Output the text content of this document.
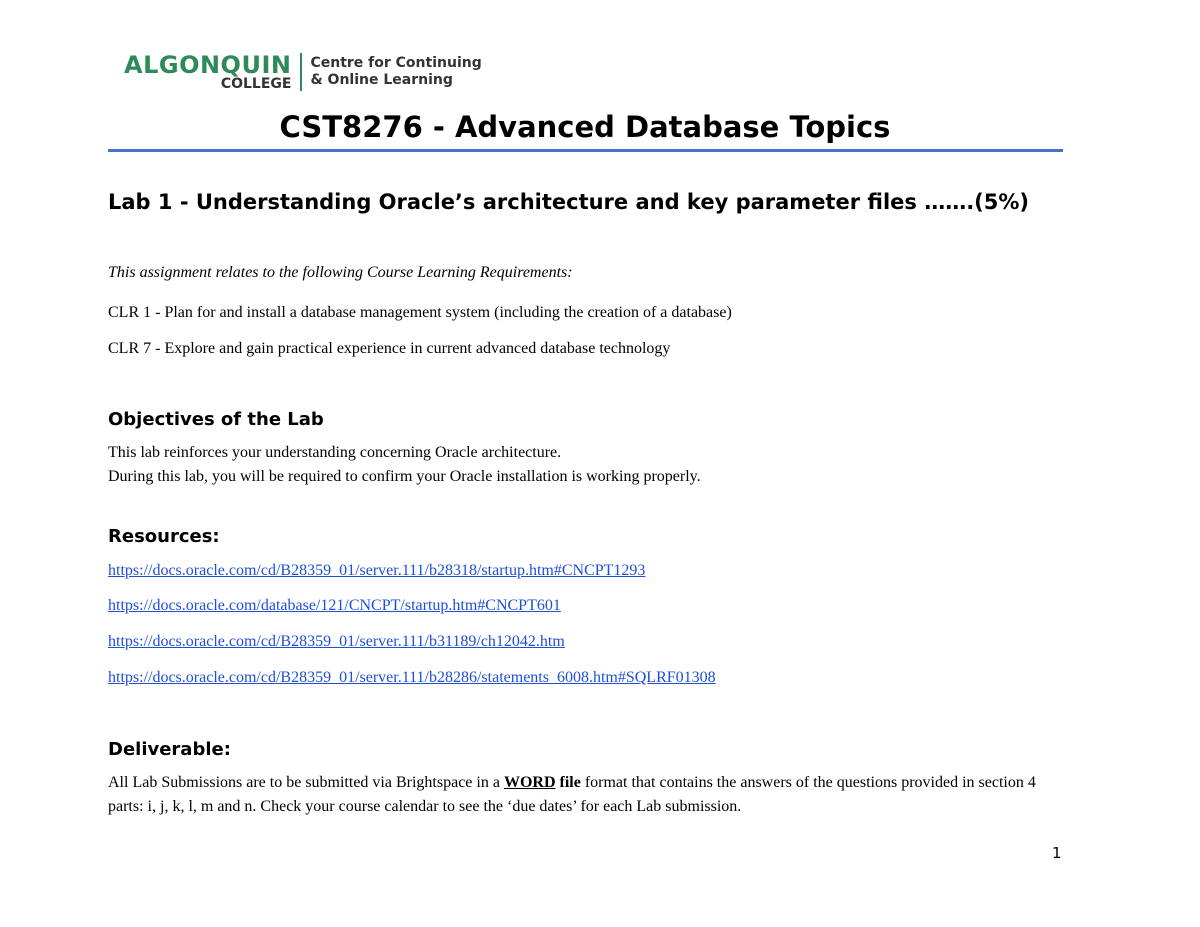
ALGONQUIN
COLLEGE
Centre for Continuing
& Online Learning
CST8276 - Advanced Database Topics
Lab 1 - Understanding Oracle’s architecture and key parameter files …….(5%)

This assignment relates to the following Course Learning Requirements:

CLR 1 - Plan for and install a database management system (including the creation of a database)

CLR 7 - Explore and gain practical experience in current advanced database technology

Objectives of the Lab

This lab reinforces your understanding concerning Oracle architecture.

During this lab, you will be required to confirm your Oracle installation is working properly.

Resources:
https://docs.oracle.com/cd/B28359_01/server.111/b28318/startup.htm#CNCPT1293
https://docs.oracle.com/database/121/CNCPT/startup.htm#CNCPT601
https://docs.oracle.com/cd/B28359_01/server.111/b31189/ch12042.htm
https://docs.oracle.com/cd/B28359_01/server.111/b28286/statements_6008.htm#SQLRF01308
Deliverable:

All Lab Submissions are to be submitted via Brightspace in a WORD file format that contains the answers of the questions provided in section 4 parts: i, j, k, l, m and n. Check your course calendar to see the ‘due dates’ for each Lab submission.

1
